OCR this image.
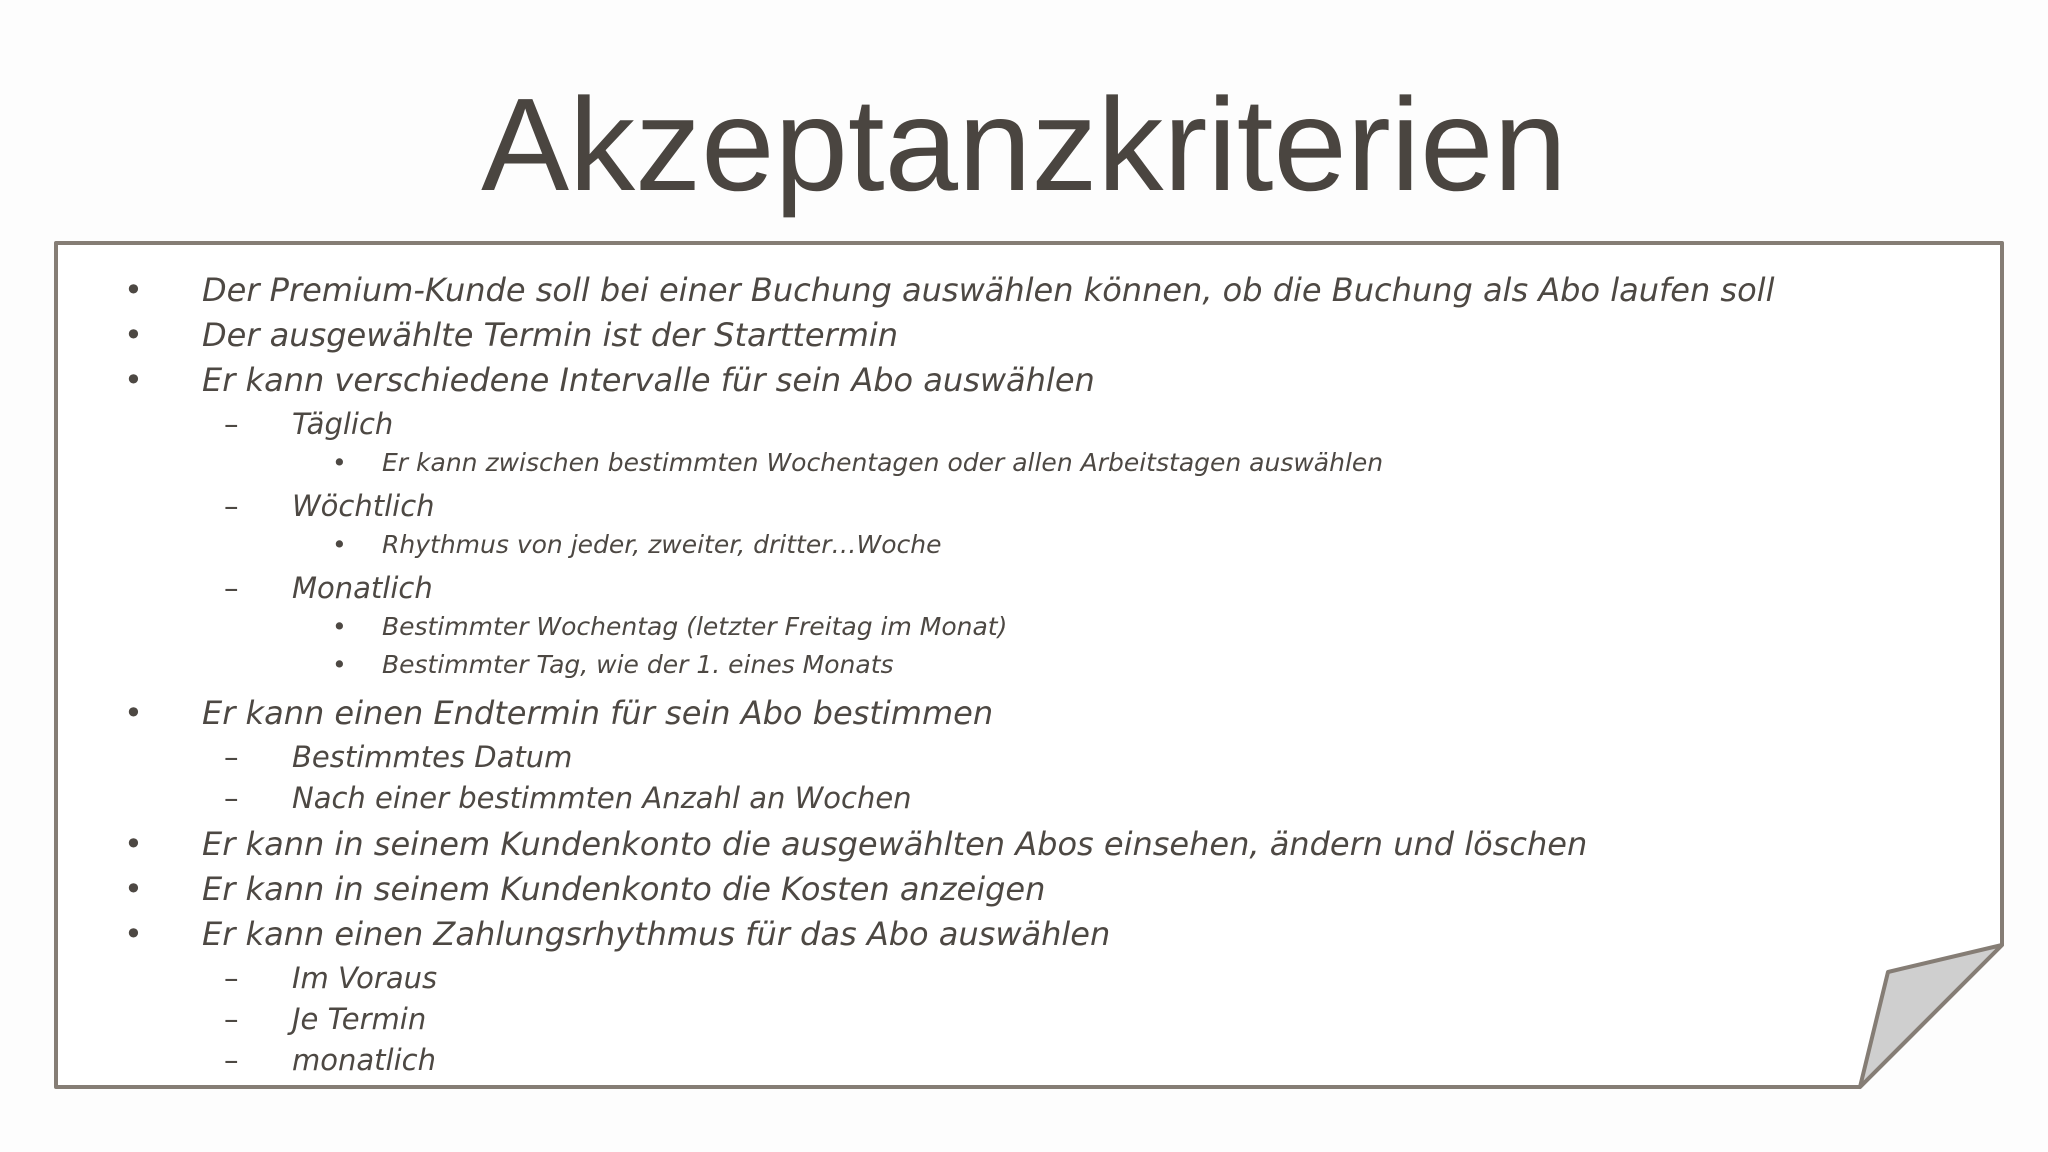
Akzeptanzkriterien
• Der Premium-Kunde soll bei einer Buchung auswählen können, ob die Buchung als Abo laufen soll
• Der ausgewählte Termin ist der Starttermin
• Er kann verschiedene Intervalle für sein Abo auswählen
– Täglich
• Er kann zwischen bestimmten Wochentagen oder allen Arbeitstagen auswählen
– Wöchtlich
• Rhythmus von jeder, zweiter, dritter…Woche
– Monatlich
• Bestimmter Wochentag (letzter Freitag im Monat)
• Bestimmter Tag, wie der 1. eines Monats
• Er kann einen Endtermin für sein Abo bestimmen
– Bestimmtes Datum
– Nach einer bestimmten Anzahl an Wochen
• Er kann in seinem Kundenkonto die ausgewählten Abos einsehen, ändern und löschen
• Er kann in seinem Kundenkonto die Kosten anzeigen
• Er kann einen Zahlungsrhythmus für das Abo auswählen
– Im Voraus
– Je Termin
– monatlich
